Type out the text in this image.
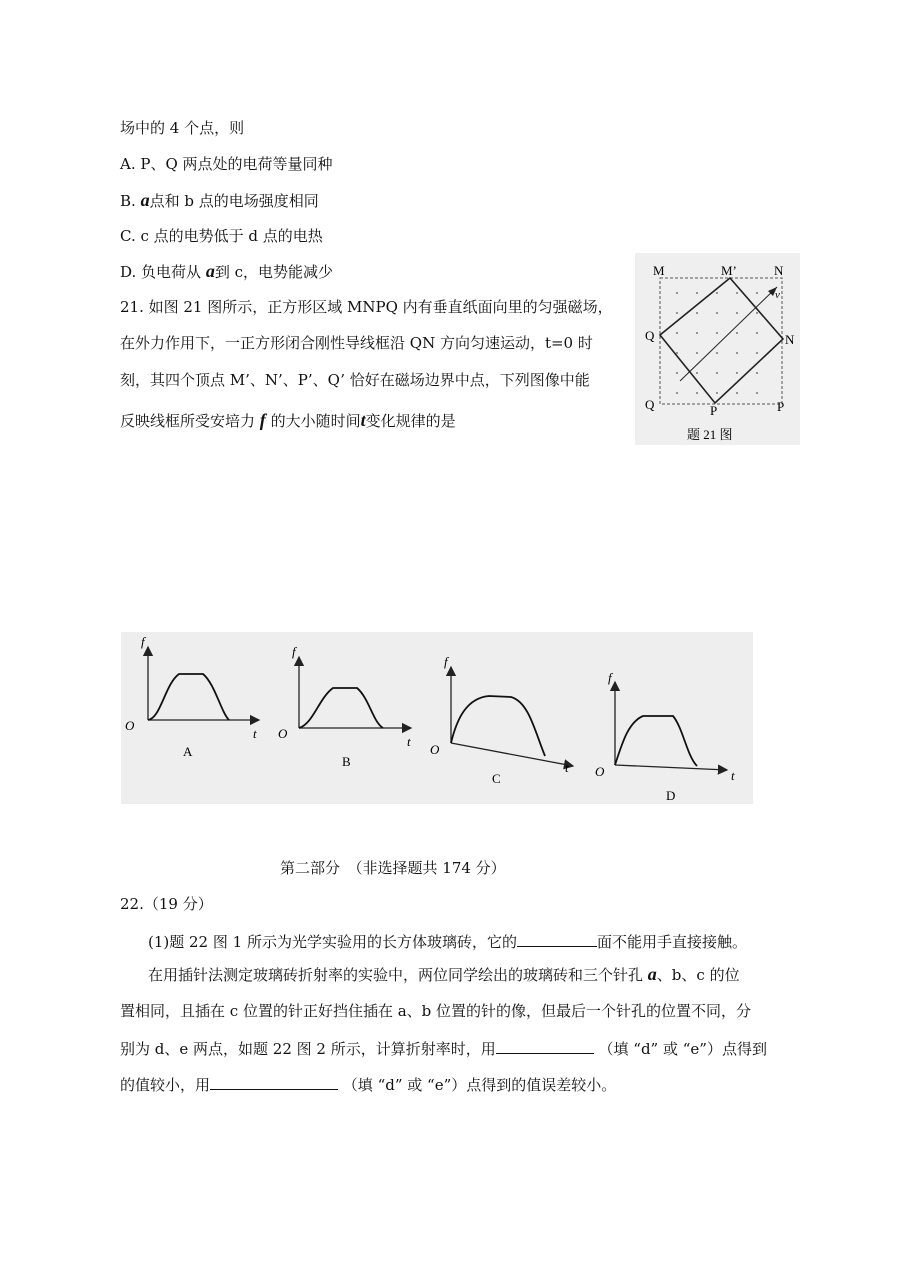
场中的 4 个点，则
A. P、Q 两点处的电荷等量同种
B. a点和 b 点的电场强度相同
C. c 点的电势低于 d 点的电热
D. 负电荷从 a到 c，电势能减少
21. 如图 21 图所示，正方形区域 MNPQ 内有垂直纸面向里的匀强磁场，
在外力作用下，一正方形闭合刚性导线框沿 QN 方向匀速运动，t=0 时
刻，其四个顶点 M’、N’、P’、Q’ 恰好在磁场边界中点，下列图像中能
反映线框所受安培力 f 的大小随时间t变化规律的是
M	M’	N
v
N
Q
Q	P	P
题 21 图
f
O
t
A
f
O
t
B
f
O
t
C
f
O	t
D
第二部分　（非选择题共 174 分）
22.（19 分）
(1)题 22 图 1 所示为光学实验用的长方体玻璃砖，它的	面不能用手直接接触。
在用插针法测定玻璃砖折射率的实验中，两位同学绘出的玻璃砖和三个针孔 a、b、c 的位
置相同，且插在 c 位置的针正好挡住插在 a、b 位置的针的像，但最后一个针孔的位置不同，分
别为 d、e 两点，如题 22 图 2 所示，计算折射率时，用	（填 “d” 或 “e”）点得到
的值较小，用	（填 “d” 或 “e”）点得到的值误差较小。
